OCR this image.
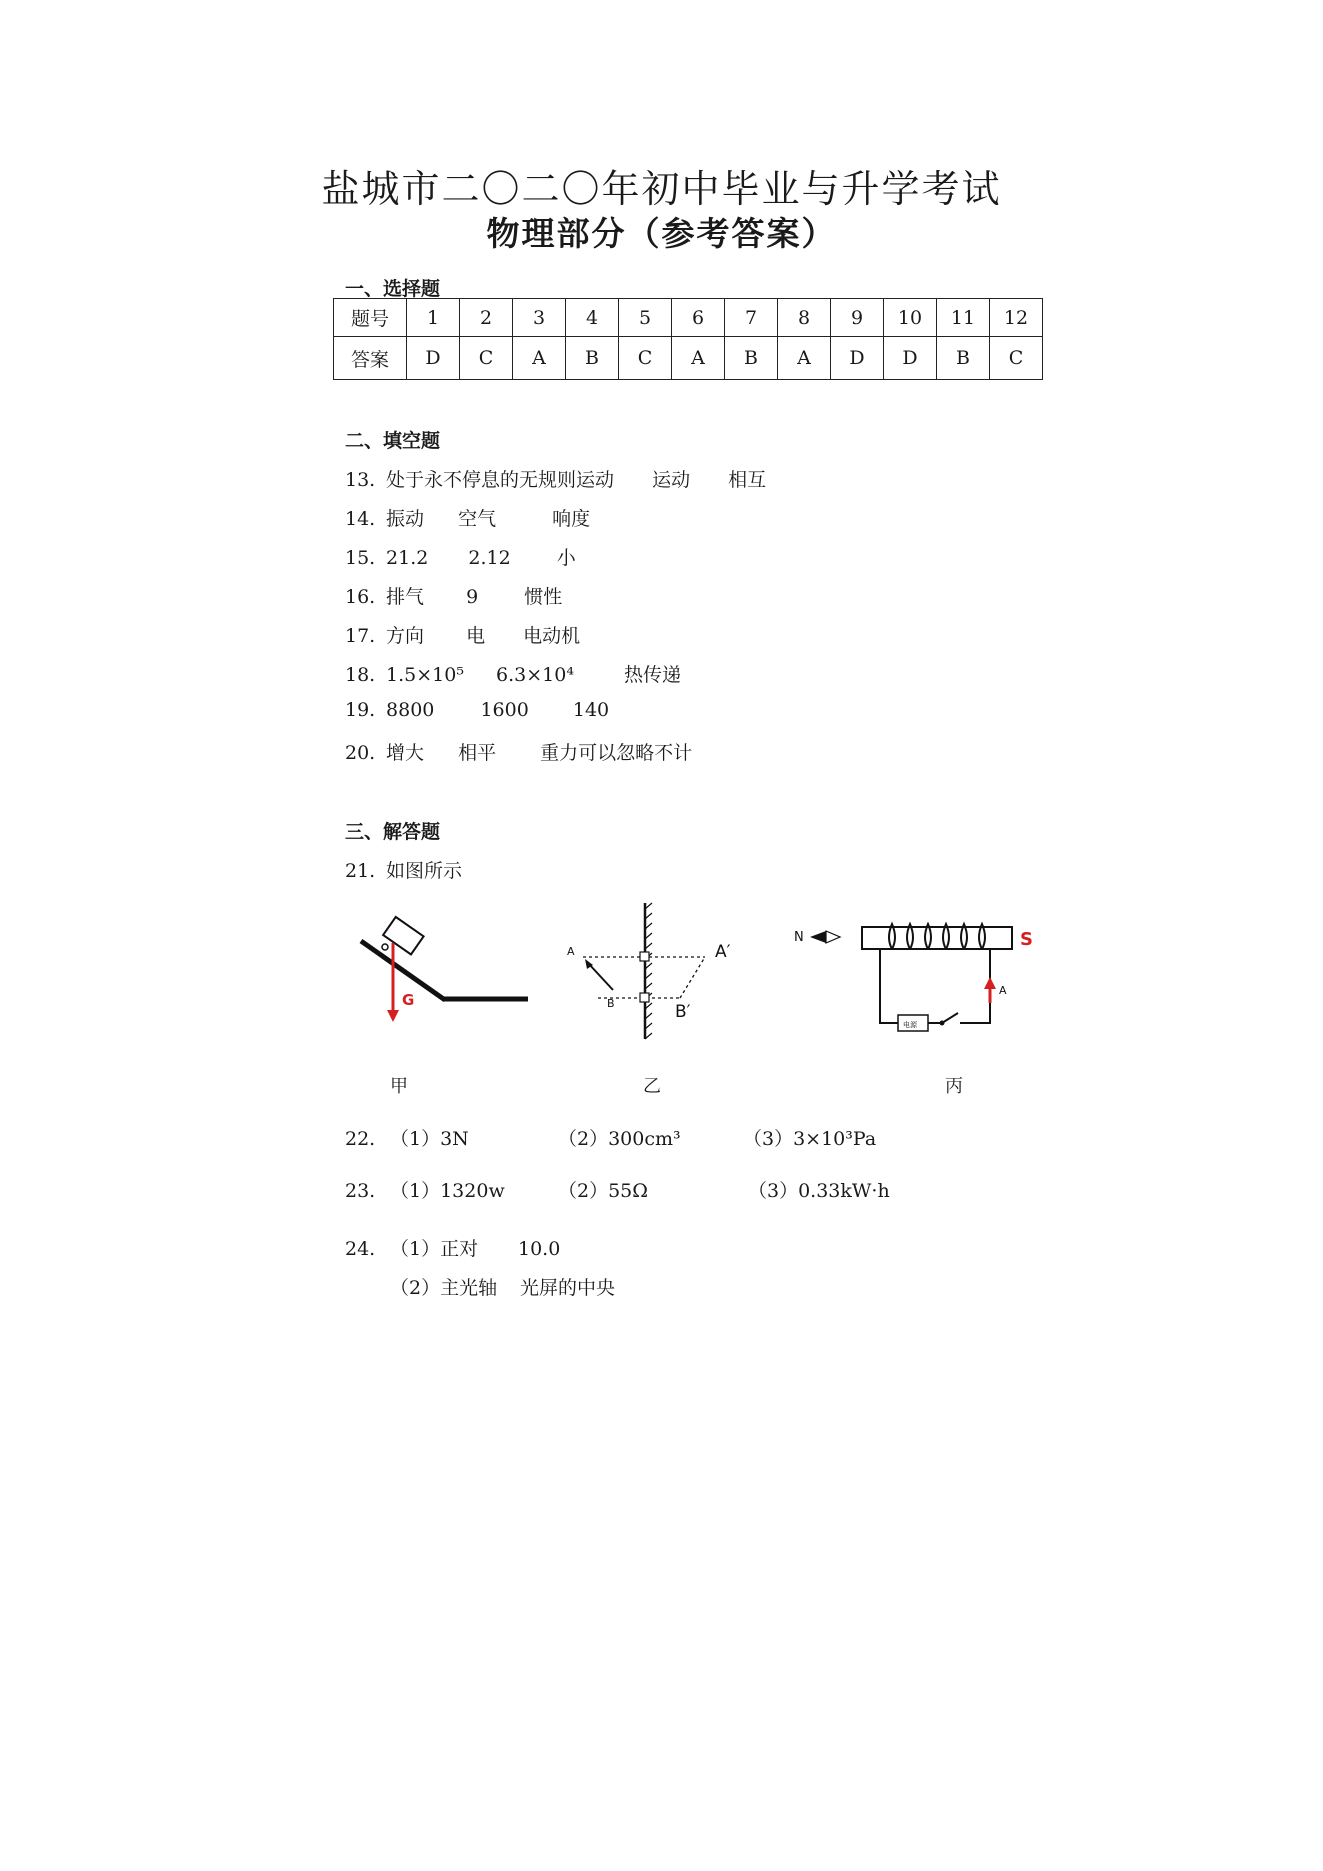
盐城市二〇二〇年初中毕业与升学考试
物理部分（参考答案）
一、选择题
题号	1	2	3	4	5	6	7	8	9	10	11	12
答案	D	C	A	B	C	A	B	A	D	D	B	C
二、填空题
13. 处于永不停息的无规则运动 运动 相互
14. 振动 空气	响度
15. 21.2 2.12 小
16. 排气 9 惯性
17. 方向 电 电动机
18. 1.5×10⁵ 6.3×10⁴	热传递
19. 8800 1600 140
20. 增大 相平 重力可以忽略不计
三、解答题
21. 如图所示
G
A	A′
B	B′
N	S
电源
A
甲	乙	丙
22. （1）3N	（2）300cm³	（3）3×10³Pa
23. （1）1320w	（2）55Ω	（3）0.33kW·h
24. （1）正对 10.0
（2）主光轴 光屏的中央
